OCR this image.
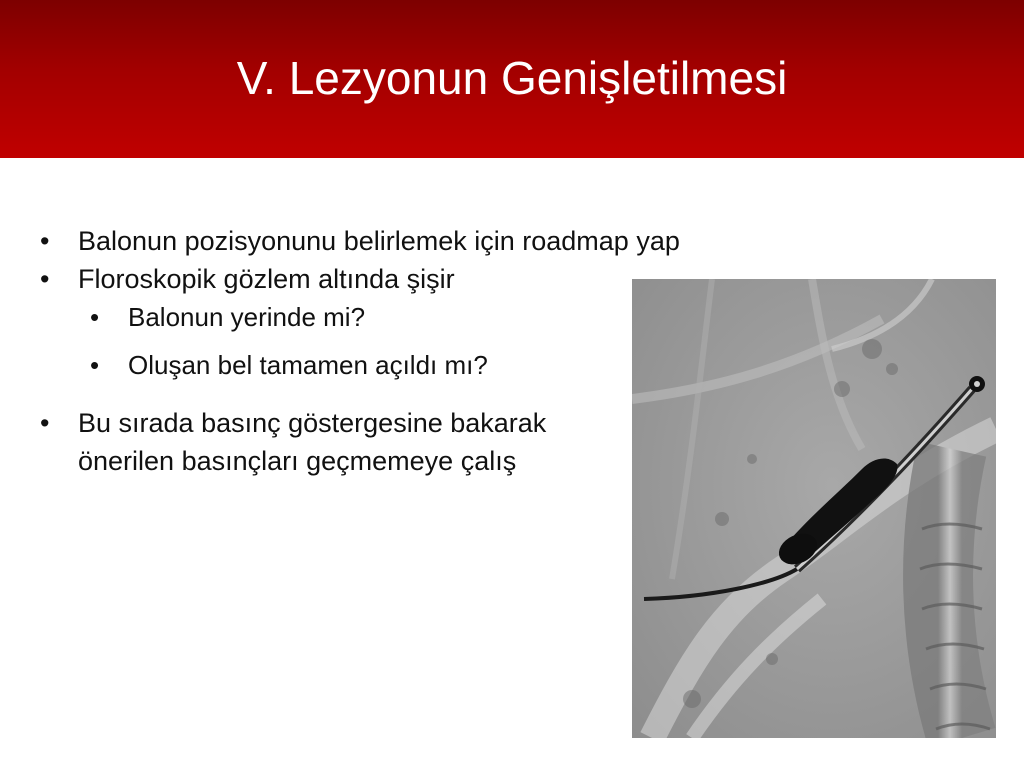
V. Lezyonun Genişletilmesi
• Balonun pozisyonunu belirlemek için roadmap yap
• Floroskopik gözlem altında şişir
• Balonun yerinde mi?
• Oluşan bel tamamen açıldı mı?
• Bu sırada basınç göstergesine bakarak önerilen basınçları geçmemeye çalış
